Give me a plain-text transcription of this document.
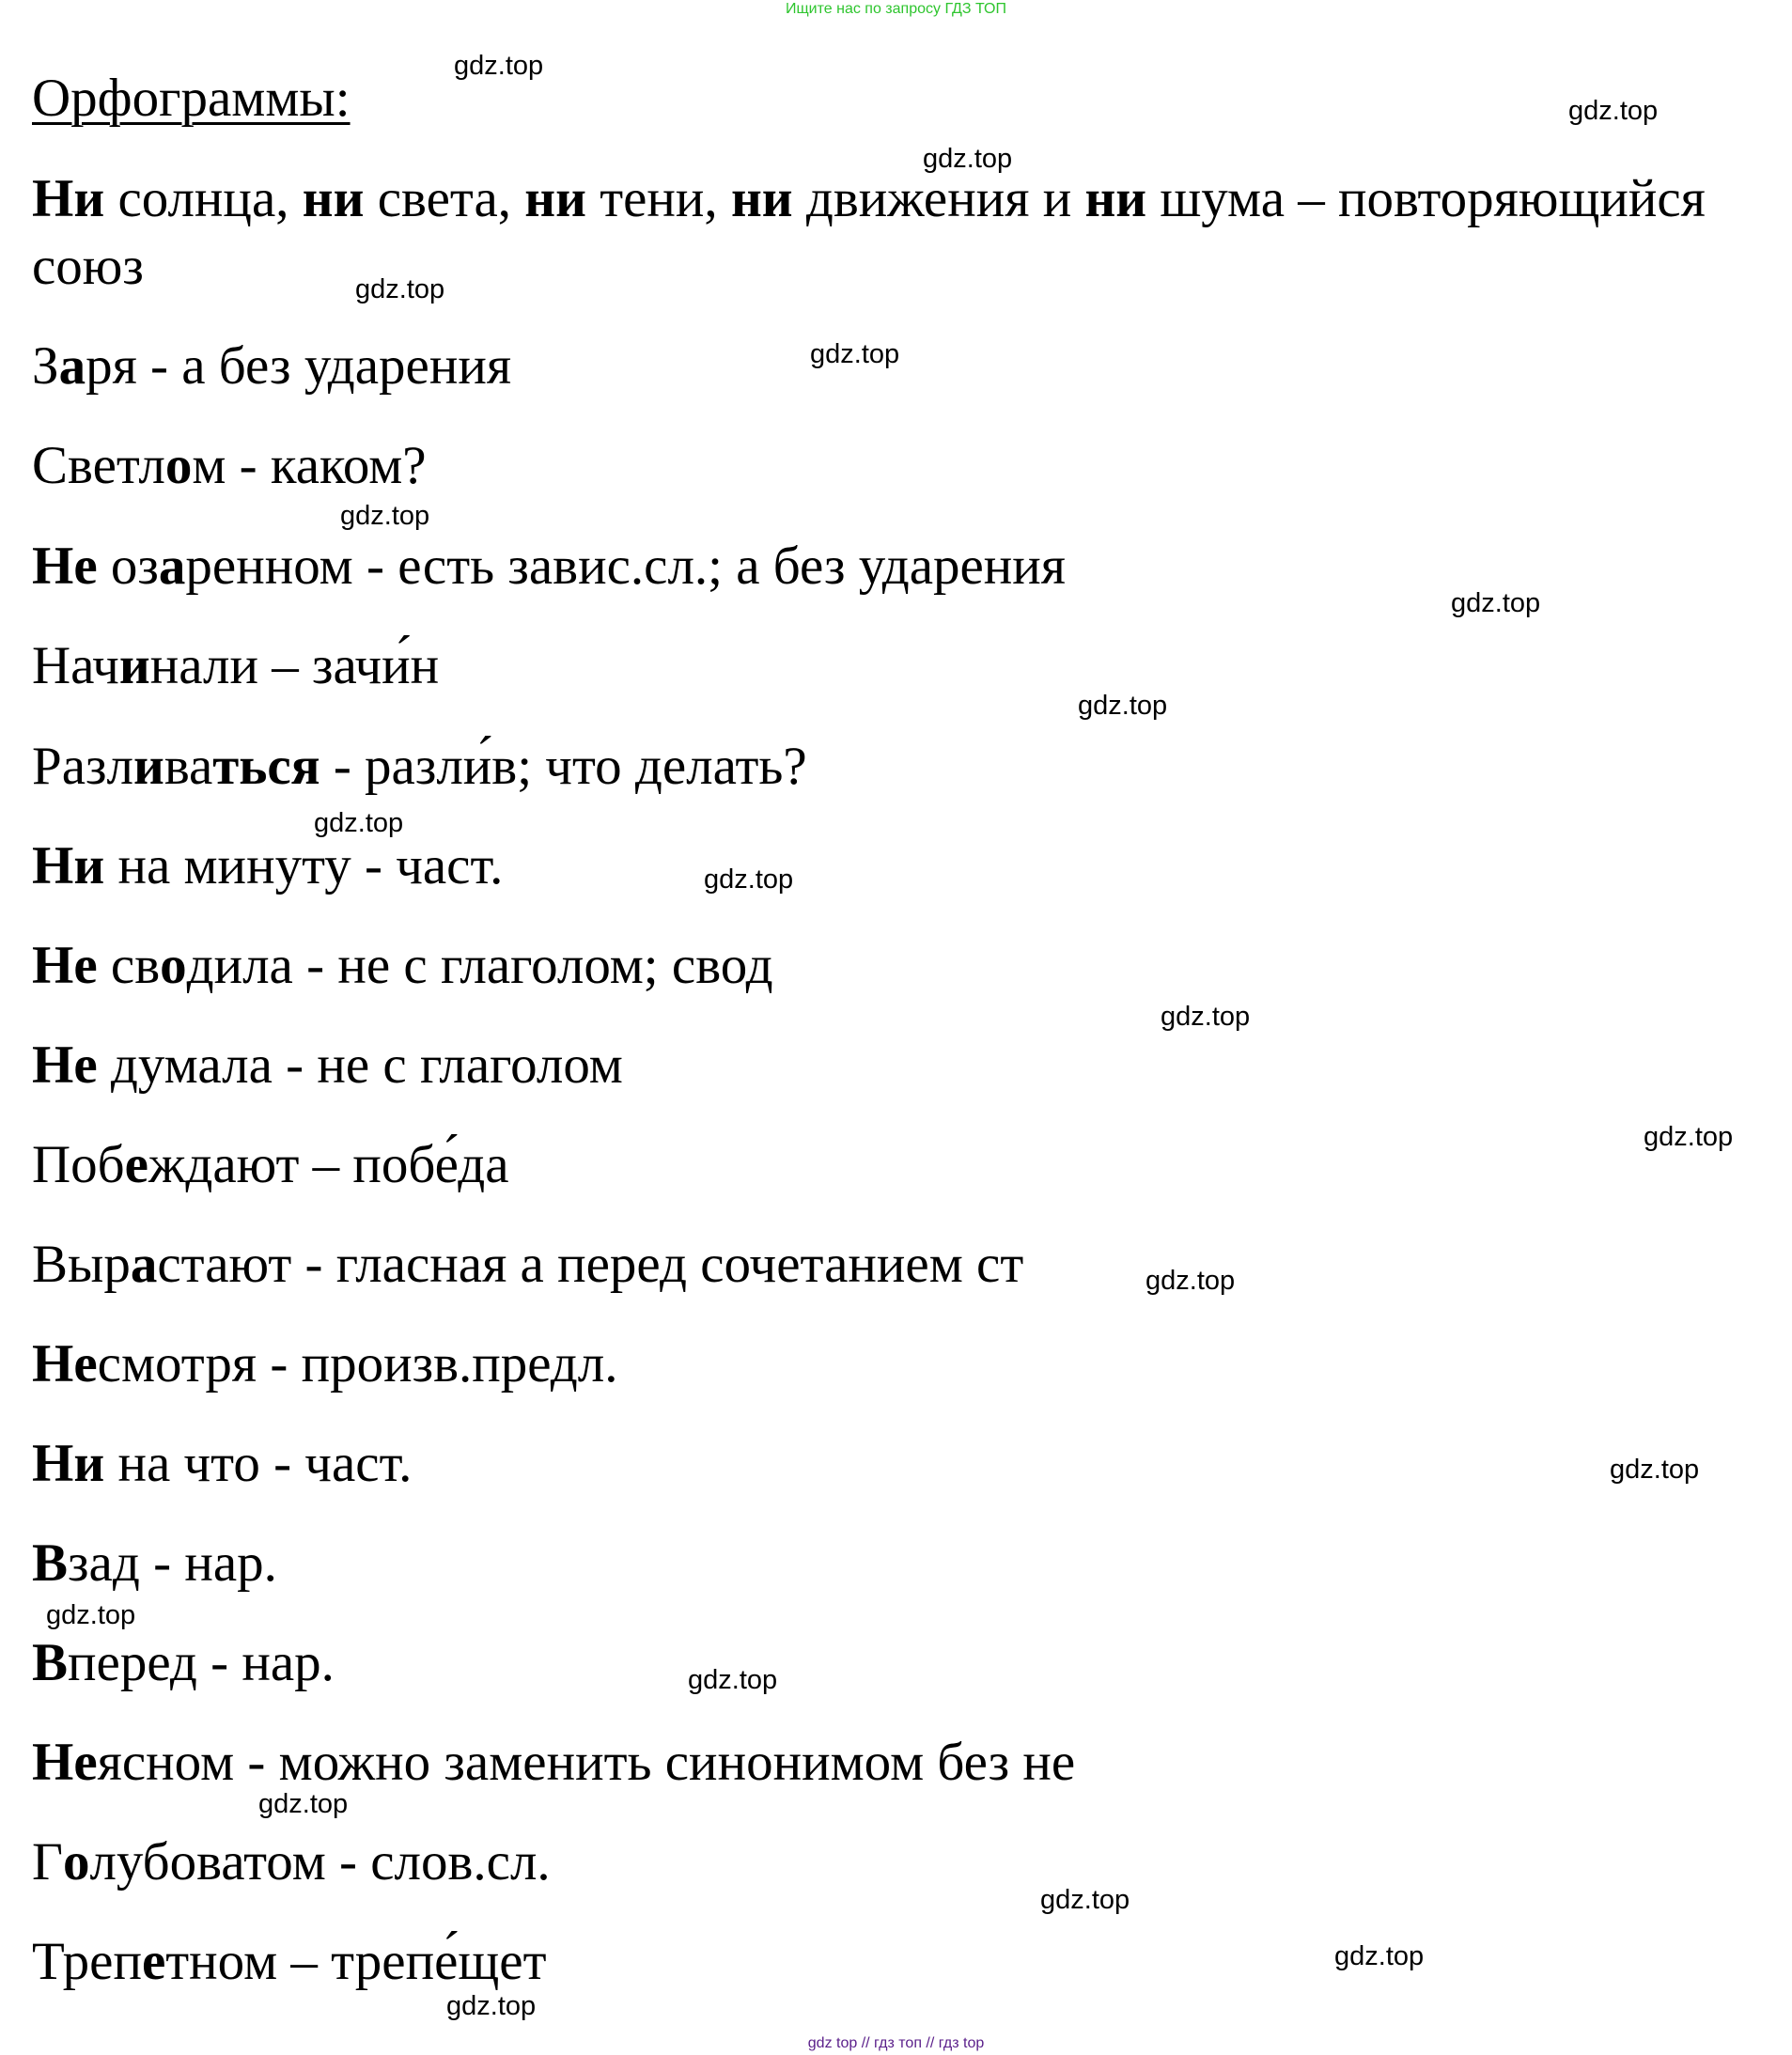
Ищите нас по запросу ГДЗ ТОП
Орфограммы:
Ни солнца, ни света, ни тени, ни движения и ни шума – повторяющийся союз
Заря - а без ударения
Светлом - каком?
Не озаренном - есть завис.сл.; а без ударения
Начинали – зачи́н
Разливаться - разли́в; что делать?
Ни на минуту - част.
Не сводила - не с глаголом; свод
Не думала - не с глаголом
Побеждают – побе́да
Вырастают - гласная а перед сочетанием ст
Несмотря - произв.предл.
Ни на что - част.
Взад - нар.
Вперед - нар.
Неясном - можно заменить синонимом без не
Голубоватом - слов.сл.
Трепетном – трепе́щет
gdz.top
gdz.top
gdz.top
gdz.top
gdz.top
gdz.top
gdz.top
gdz.top
gdz.top
gdz.top
gdz.top
gdz.top
gdz.top
gdz.top
gdz.top
gdz.top
gdz.top
gdz.top
gdz.top
gdz.top
gdz top // гдз топ // гдз top
